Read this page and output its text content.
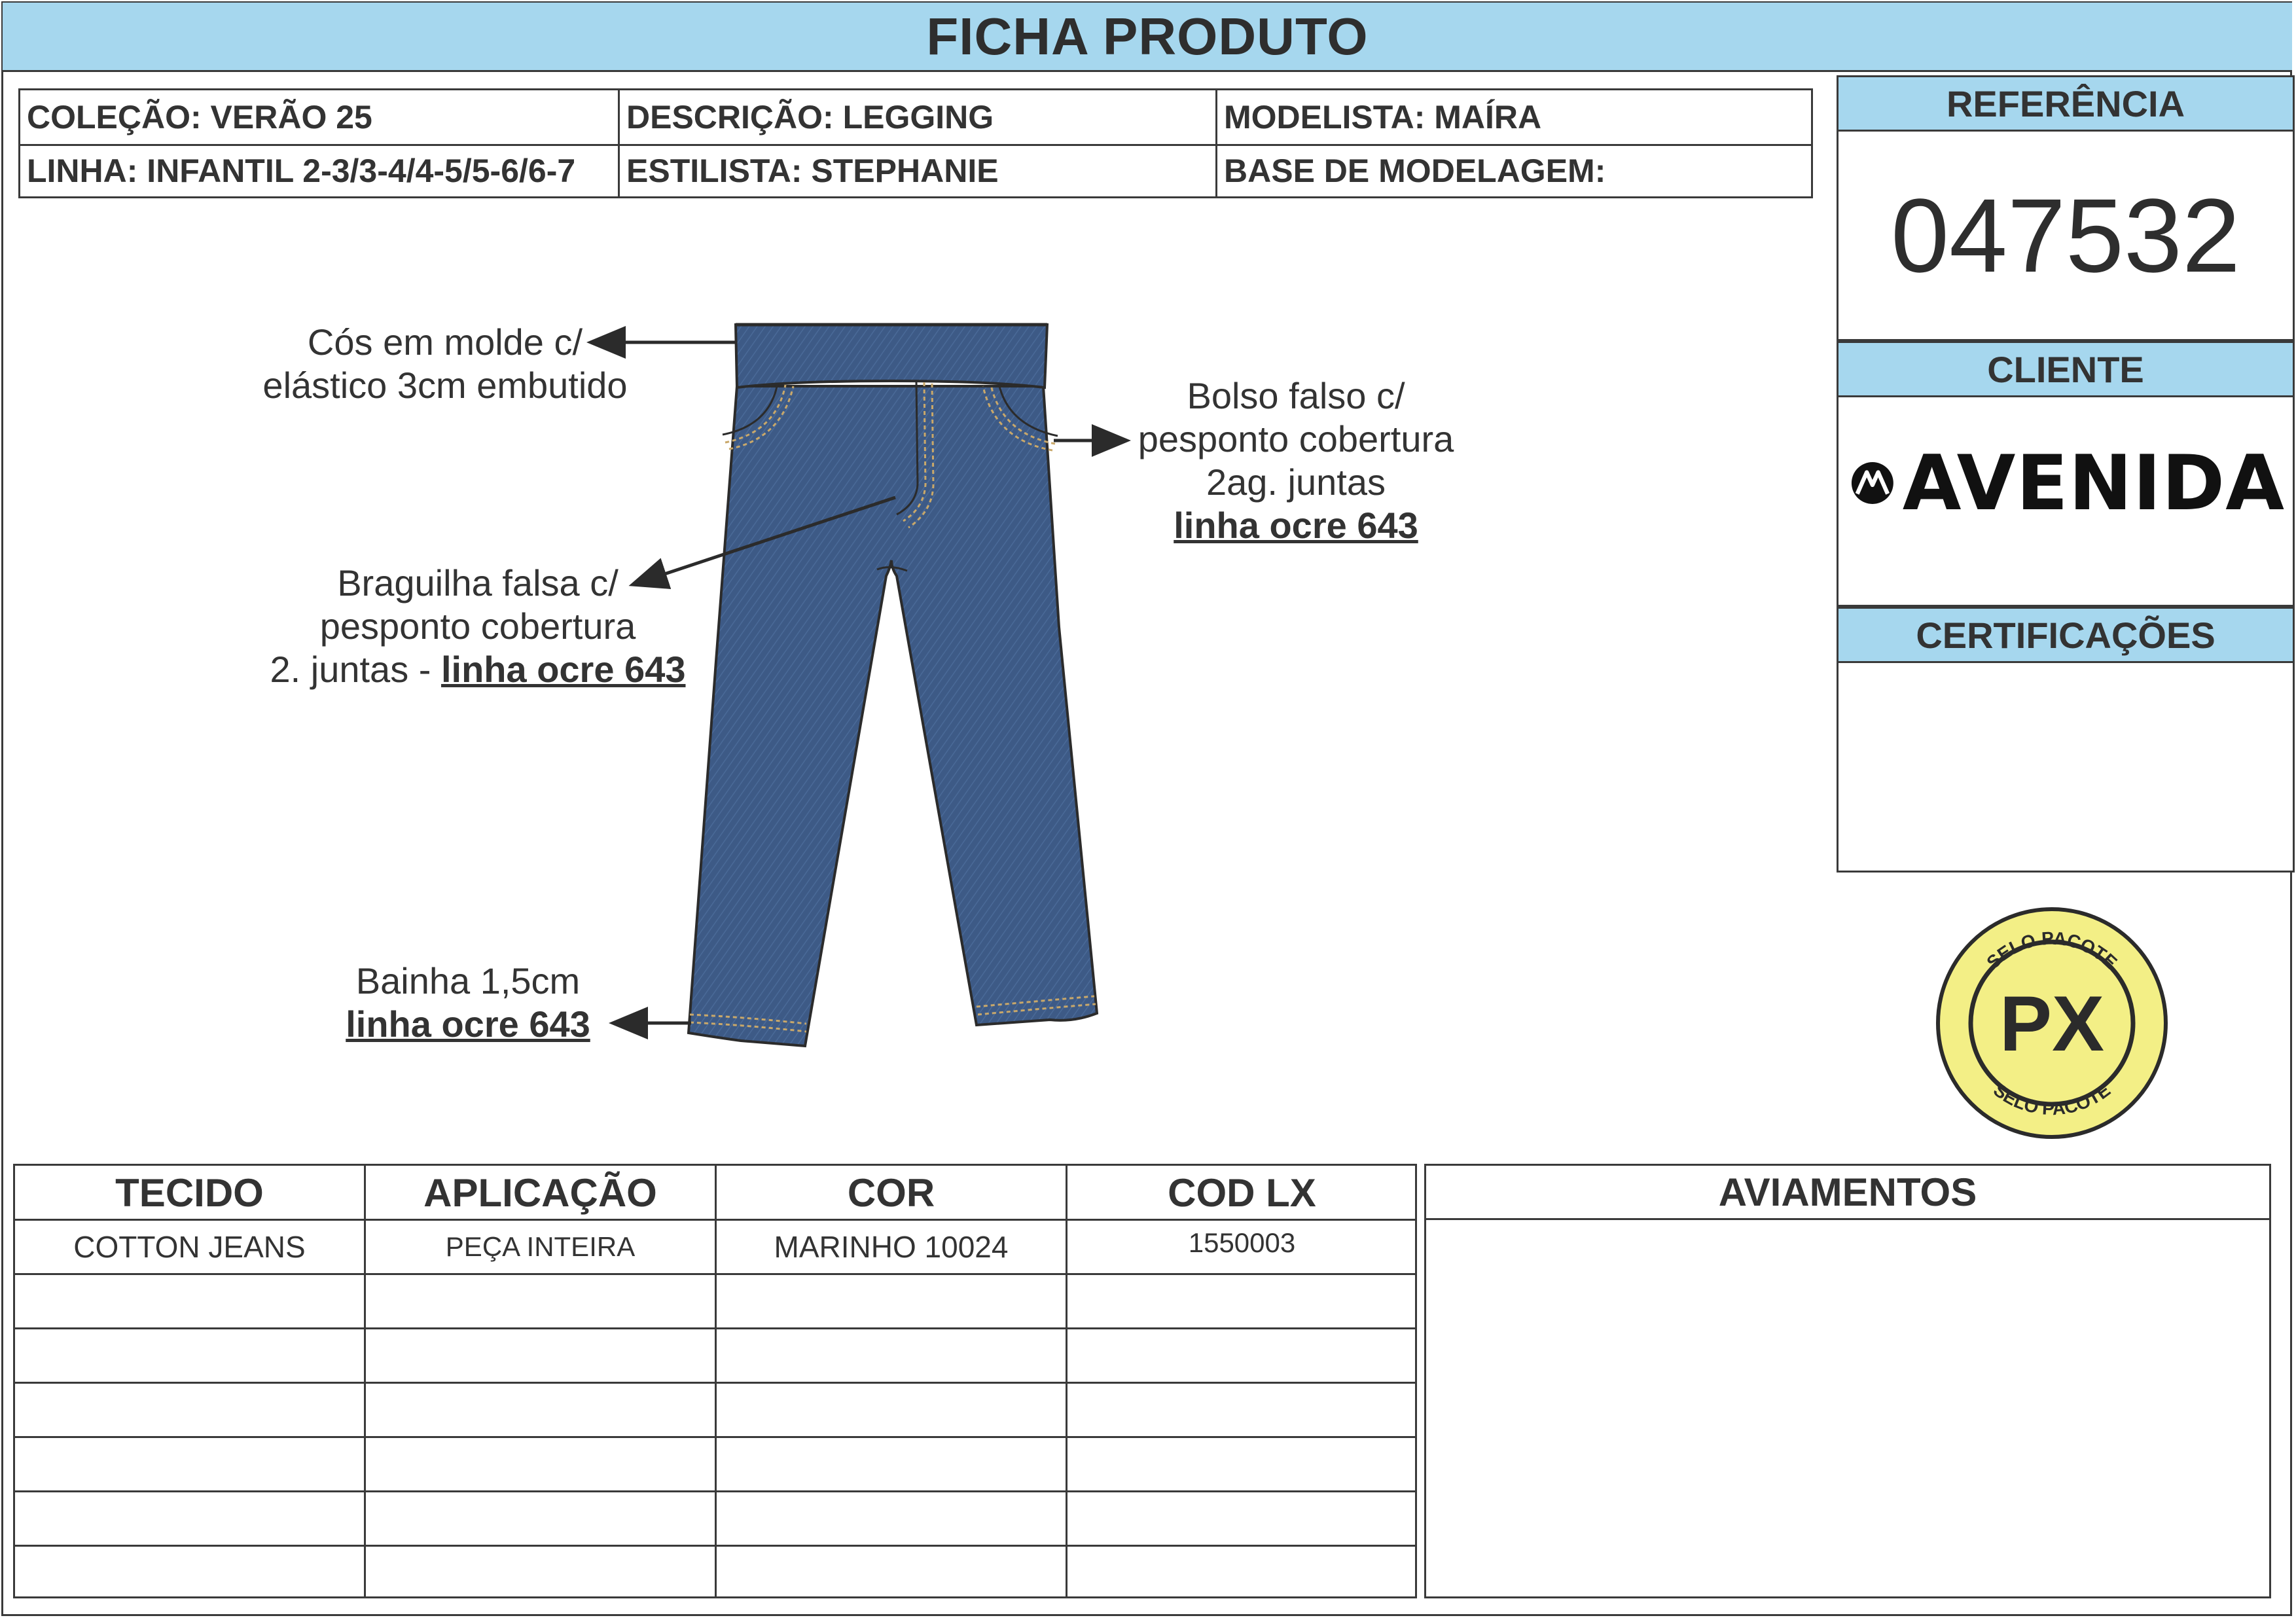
FICHA PRODUTO
COLEÇÃO: VERÃO 25	DESCRIÇÃO: LEGGING	MODELISTA: MAÍRA
LINHA: INFANTIL 2-3/3-4/4-5/5-6/6-7	ESTILISTA: STEPHANIE	BASE DE MODELAGEM:
REFERÊNCIA
047532
CLIENTE
AVENIDA
CERTIFICAÇÕES
PX
SELO PACOTE
SELO PACOTE
Cós em molde c/
elástico 3cm embutido	Bolso falso c/
pesponto cobertura
2ag. juntas
linha ocre 643
Braguilha falsa c/
pesponto cobertura
2. juntas - linha ocre 643
Bainha 1,5cm
linha ocre 643
TECIDO	APLICAÇÃO	COR	COD LX
COTTON JEANS	PEÇA INTEIRA	MARINHO 10024	1550003
AVIAMENTOS
